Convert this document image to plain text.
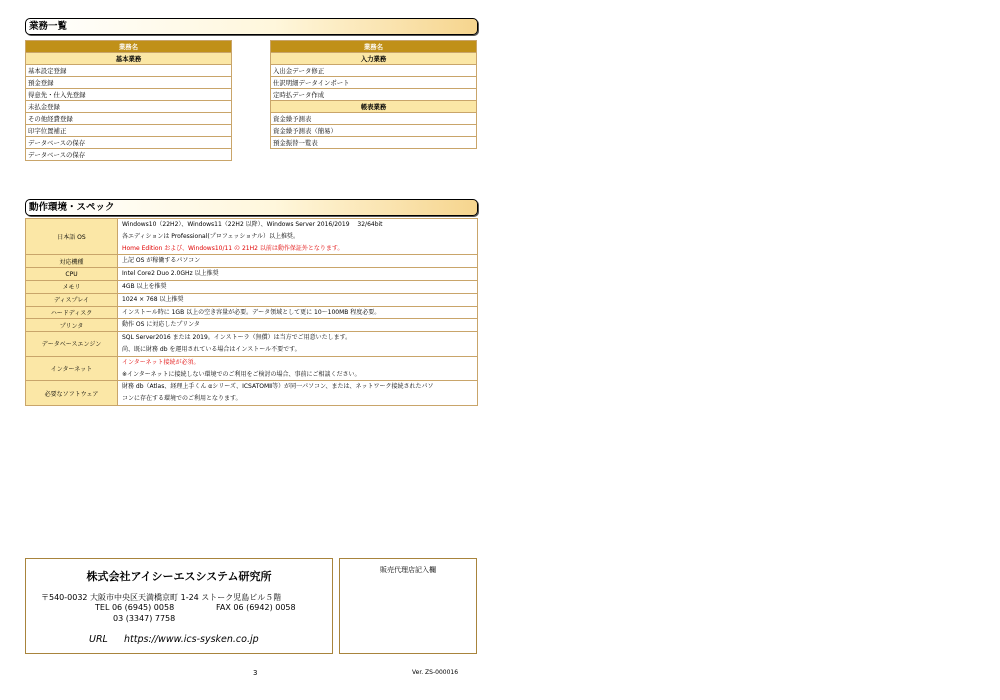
業務一覧
業務名
基本業務
基本設定登録
預金登録
得意先・仕入先登録
未払金登録
その他経費登録
印字位置補正
データベースの保存
データベースの保存
業務名
入力業務
入出金データ修正
仕訳明細データインポート
定時払データ作成
帳表業務
資金繰予測表
資金繰予測表（簡易）
預金振替一覧表
動作環境・スペック
日本語 OS	Windows10（22H2）、Windows11（22H2 以降）、Windows Server 2016/2019　 32/64bit
各エディションは Professional(プロフェッショナル）以上推奨。
Home Edition および、Windows10/11 の 21H2 以前は動作保証外となります。

対応機種	上記 OS が稼働するパソコン

CPU	Intel Core2 Duo 2.0GHz 以上推奨

メモリ	4GB 以上を推奨

ディスプレイ	1024 × 768 以上推奨

ハードディスク	インストール時に 1GB 以上の空き容量が必要。データ領域として更に 10～100MB 程度必要。

プリンタ	動作 OS に対応したプリンタ

データベースエンジン	SQL Server2016 または 2019。インストーラ（無償）は当方でご用意いたします。
尚、既に財務 db を運用されている場合はインストール不要です。

インターネット	インターネット接続が必須。
※インターネットに接続しない環境でのご利用をご検討の場合、事前にご相談ください。

必要なソフトウェア	財務 db（Atlas、経理上手くん αシリーズ、ICSATOMⅡ等）が同一パソコン、または、ネットワーク接続されたパソ
コンに存在する環境でのご利用となります。
株式会社アイシーエスシステム研究所
〒540-0032 大阪市中央区天満橋京町 1-24 ストーク児島ビル５階
TEL 06 (6945) 0058	FAX 06 (6942) 0058
03 (3347) 7758
URL https://www.ics-sysken.co.jp
販売代理店記入欄
3	Ver. ZS-000016
